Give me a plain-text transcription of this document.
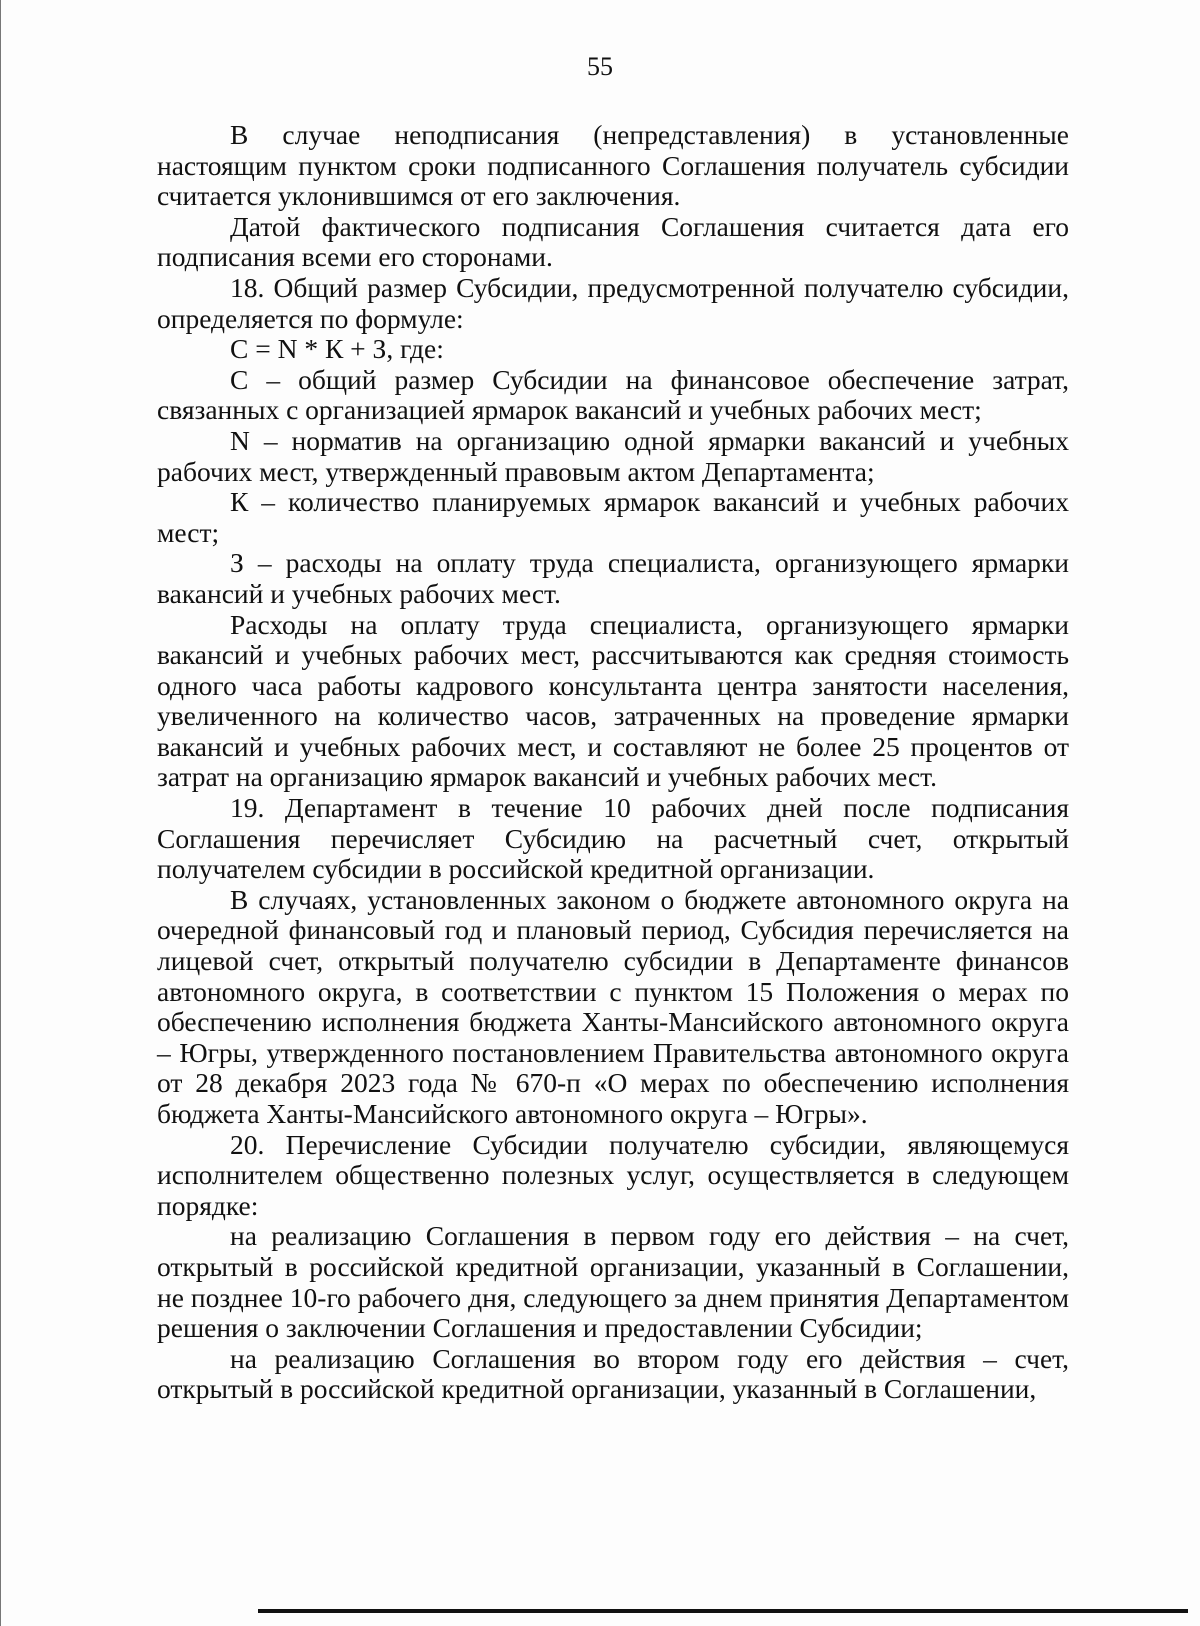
55

В случае неподписания (непредставления) в установленные настоящим пунктом сроки подписанного Соглашения получатель субсидии считается уклонившимся от его заключения.

Датой фактического подписания Соглашения считается дата его подписания всеми его сторонами.

18. Общий размер Субсидии, предусмотренной получателю субсидии, определяется по формуле:

С = N * К + З, где:

С – общий размер Субсидии на финансовое обеспечение затрат, связанных с организацией ярмарок вакансий и учебных рабочих мест;

N – норматив на организацию одной ярмарки вакансий и учебных рабочих мест, утвержденный правовым актом Департамента;

К – количество планируемых ярмарок вакансий и учебных рабочих мест;

З – расходы на оплату труда специалиста, организующего ярмарки вакансий и учебных рабочих мест.

Расходы на оплату труда специалиста, организующего ярмарки вакансий и учебных рабочих мест, рассчитываются как средняя стоимость одного часа работы кадрового консультанта центра занятости населения, увеличенного на количество часов, затраченных на проведение ярмарки вакансий и учебных рабочих мест, и составляют не более 25 процентов от затрат на организацию ярмарок вакансий и учебных рабочих мест.

19. Департамент в течение 10 рабочих дней после подписания Соглашения перечисляет Субсидию на расчетный счет, открытый получателем субсидии в российской кредитной организации.

В случаях, установленных законом о бюджете автономного округа на очередной финансовый год и плановый период, Субсидия перечисляется на лицевой счет, открытый получателю субсидии в Департаменте финансов автономного округа, в соответствии с пунктом 15 Положения о мерах по обеспечению исполнения бюджета Ханты-Мансийского автономного округа – Югры, утвержденного постановлением Правительства автономного округа от 28 декабря 2023 года № 670-п «О мерах по обеспечению исполнения бюджета Ханты-Мансийского автономного округа – Югры».

20. Перечисление Субсидии получателю субсидии, являющемуся исполнителем общественно полезных услуг, осуществляется в следующем порядке:

на реализацию Соглашения в первом году его действия – на счет, открытый в российской кредитной организации, указанный в Соглашении, не позднее 10-го рабочего дня, следующего за днем принятия Департаментом решения о заключении Соглашения и предоставлении Субсидии;

на реализацию Соглашения во втором году его действия – счет, открытый в российской кредитной организации, указанный в Соглашении,
